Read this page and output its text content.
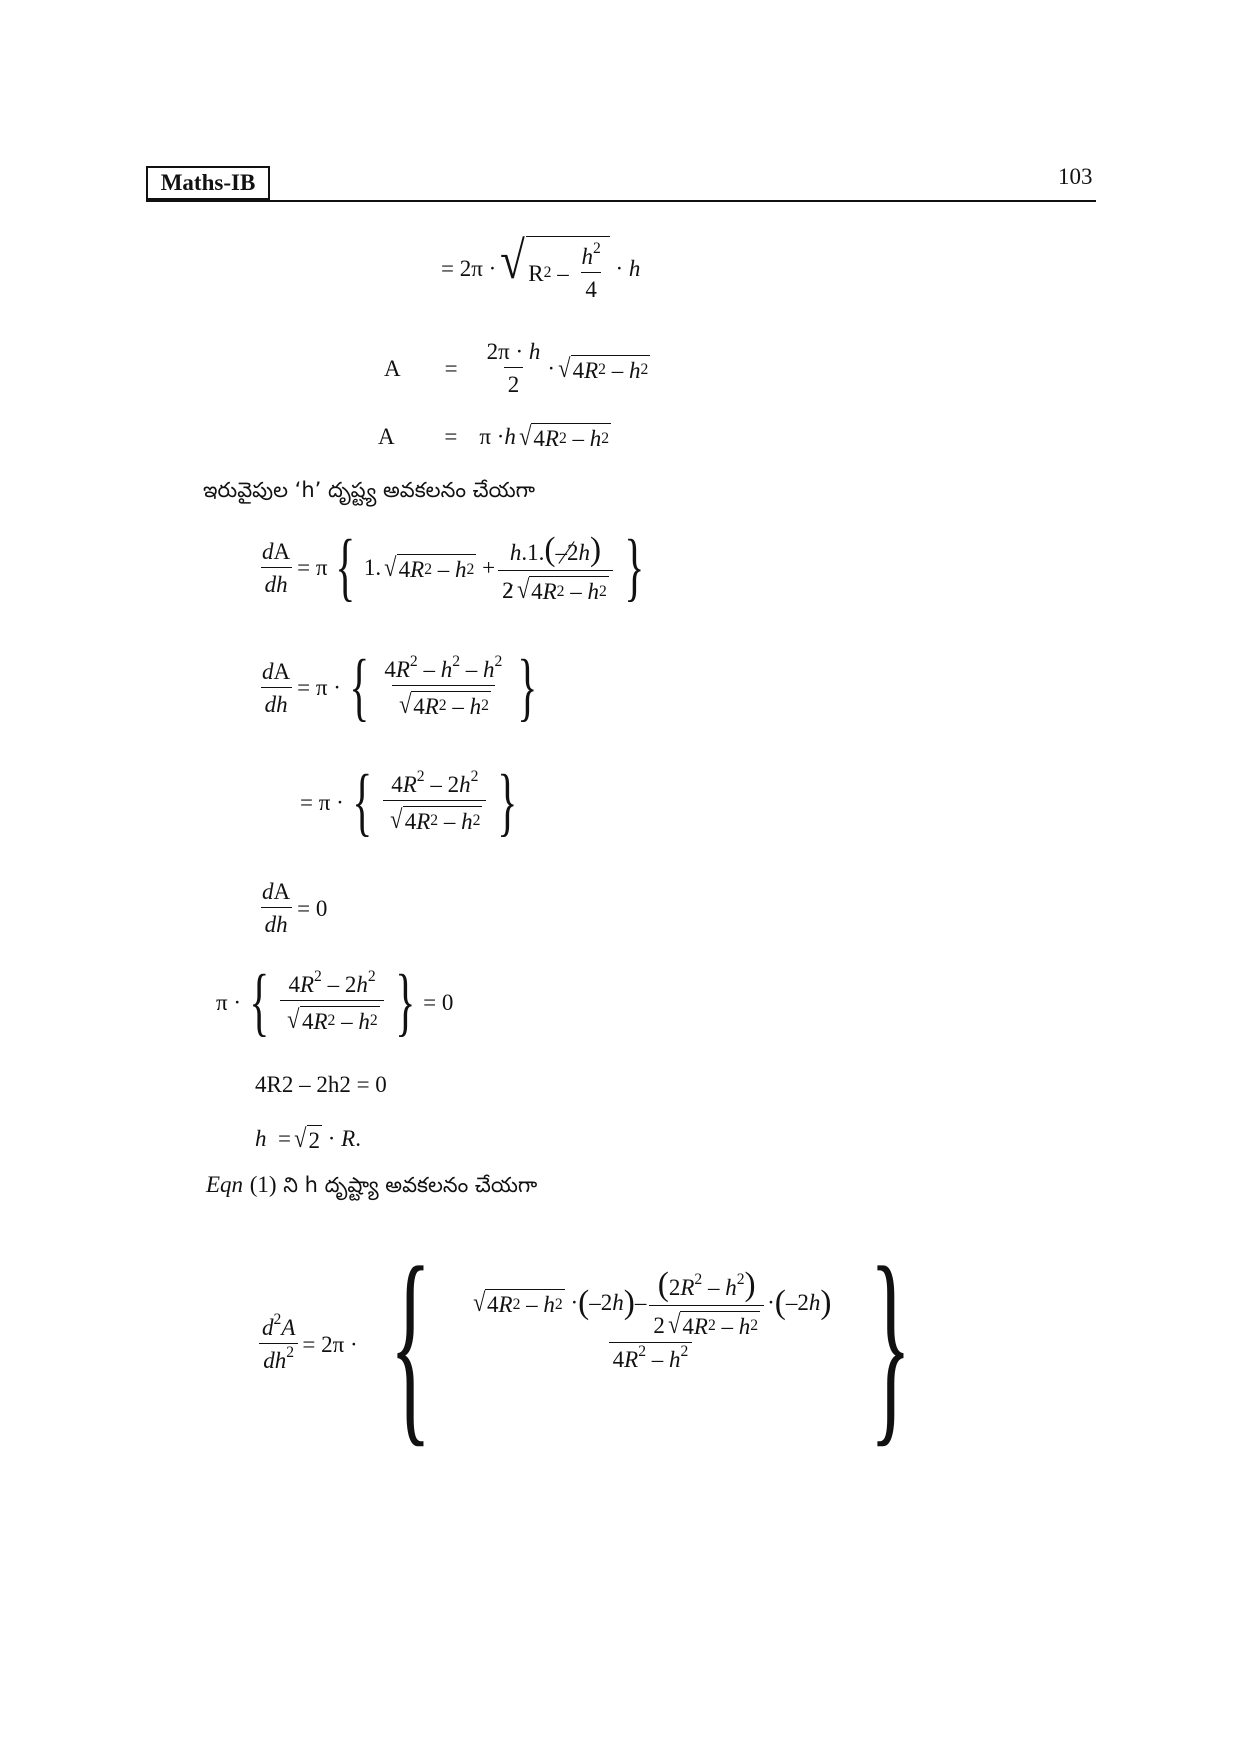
Maths-IB	103
= 2π · √ R $2 - \frac{h^2}{4} \cdot h$
$A = \frac{2\pi \cdot h}{2}$ · √ 4 R 2 – h 2
A
= π · h √ 4 R 2 – h 2
ఇరువైపుల ‘h’ దృష్ట్య అవకలనం చేయగా
$\frac{dA}{dh} = \pi$ { 1. √ 4 R 2 – h $2 + \frac{h.1.(-2h)}{2 √ 4 R 2 - h 2}$ }
$\frac{dA}{dh} = \pi$ · { $\frac{4R^2 - h^2 - h^2}{√ 4 R 2 - h 2}$ }
= π · { $\frac{4R^2 - 2h^2}{√ 4 R 2 - h 2}$ }
$\frac{dA}{dh} = 0$
π · { $\frac{4R^2 - 2h^2}{√ 4 R 2 - h 2}$ } = 0
4R2 – 2h2 = 0
h = √ 2 · R .
Eqn (1) ని h దృష్ట్యా అవకలనం చేయగా
$\frac{d^2A}{dh^2} = 2\pi$ · { $\frac{√ 4 R 2 - h 2 \cdot ( -2 h ) - \frac{(2R^2 - h^2)}{2 √ 4 R 2 - h 2} \cdot ( -2 h )}{4R^2 - h^2}$ }
